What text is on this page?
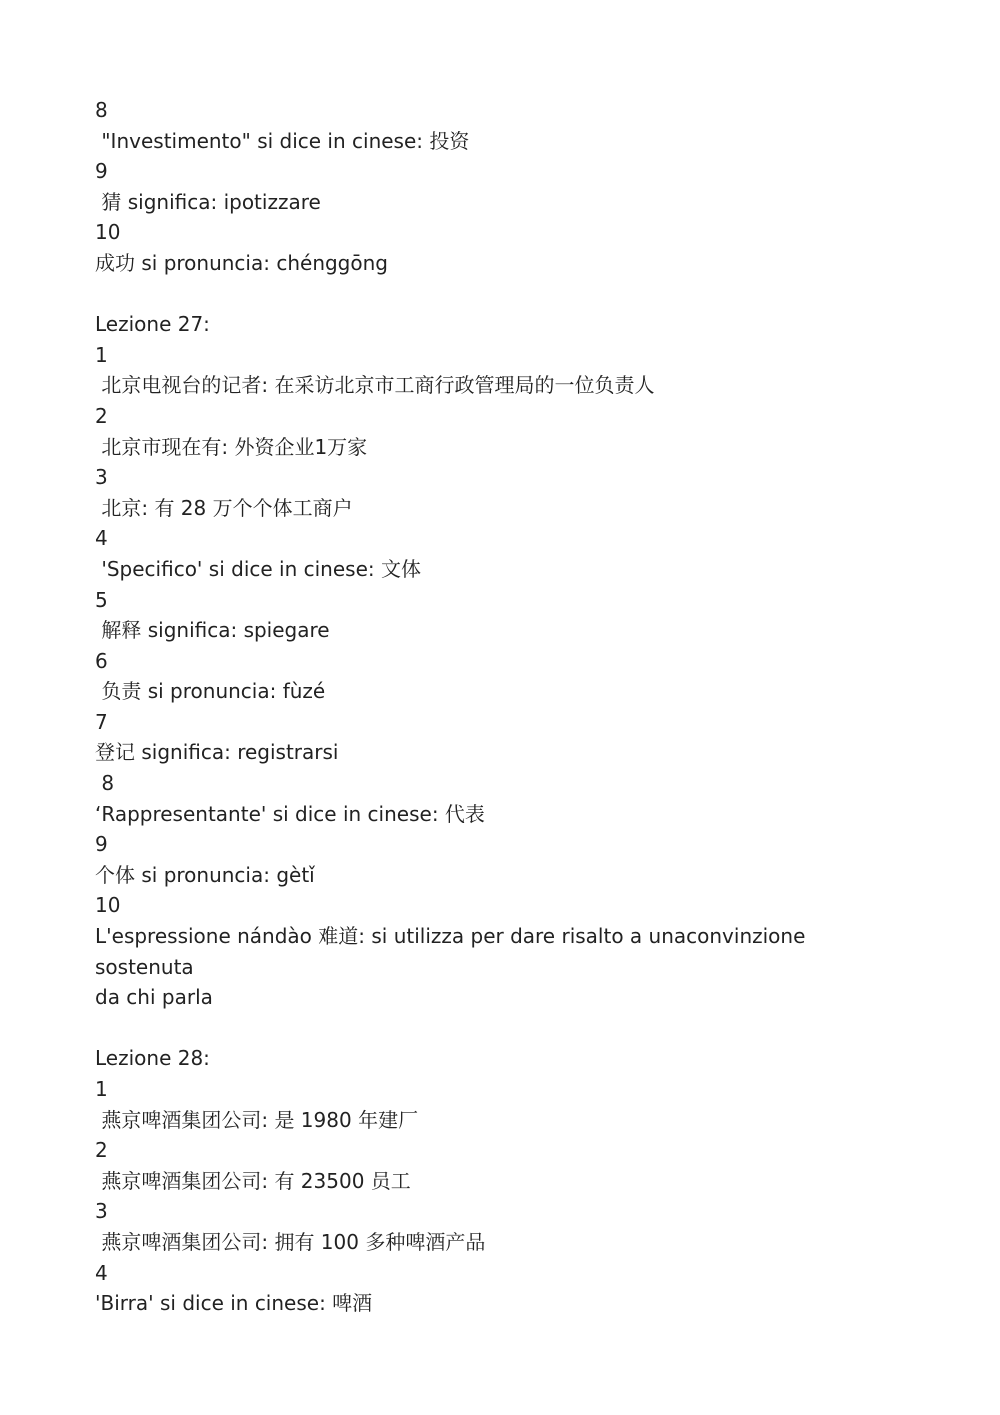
8
"Investimento" si dice in cinese: 投资
9
猜 significa: ipotizzare
10
成功 si pronuncia: chénggōng
Lezione 27:
1
北京电视台的记者: 在采访北京市工商行政管理局的一位负责人
2
北京市现在有: 外资企业1万家
3
北京: 有 28 万个个体工商户
4
'Specifico' si dice in cinese: 文体
5
解释 significa: spiegare
6
负责 si pronuncia: fùzé
7
登记 significa: registrarsi
8
‘Rappresentante' si dice in cinese: 代表
9
个体 si pronuncia: gètǐ
10
L'espressione nándào 难道: si utilizza per dare risalto a unaconvinzione sostenuta
da chi parla
Lezione 28:
1
燕京啤酒集团公司: 是 1980 年建厂
2
燕京啤酒集团公司: 有 23500 员工
3
燕京啤酒集团公司: 拥有 100 多种啤酒产品
4
'Birra' si dice in cinese: 啤酒
